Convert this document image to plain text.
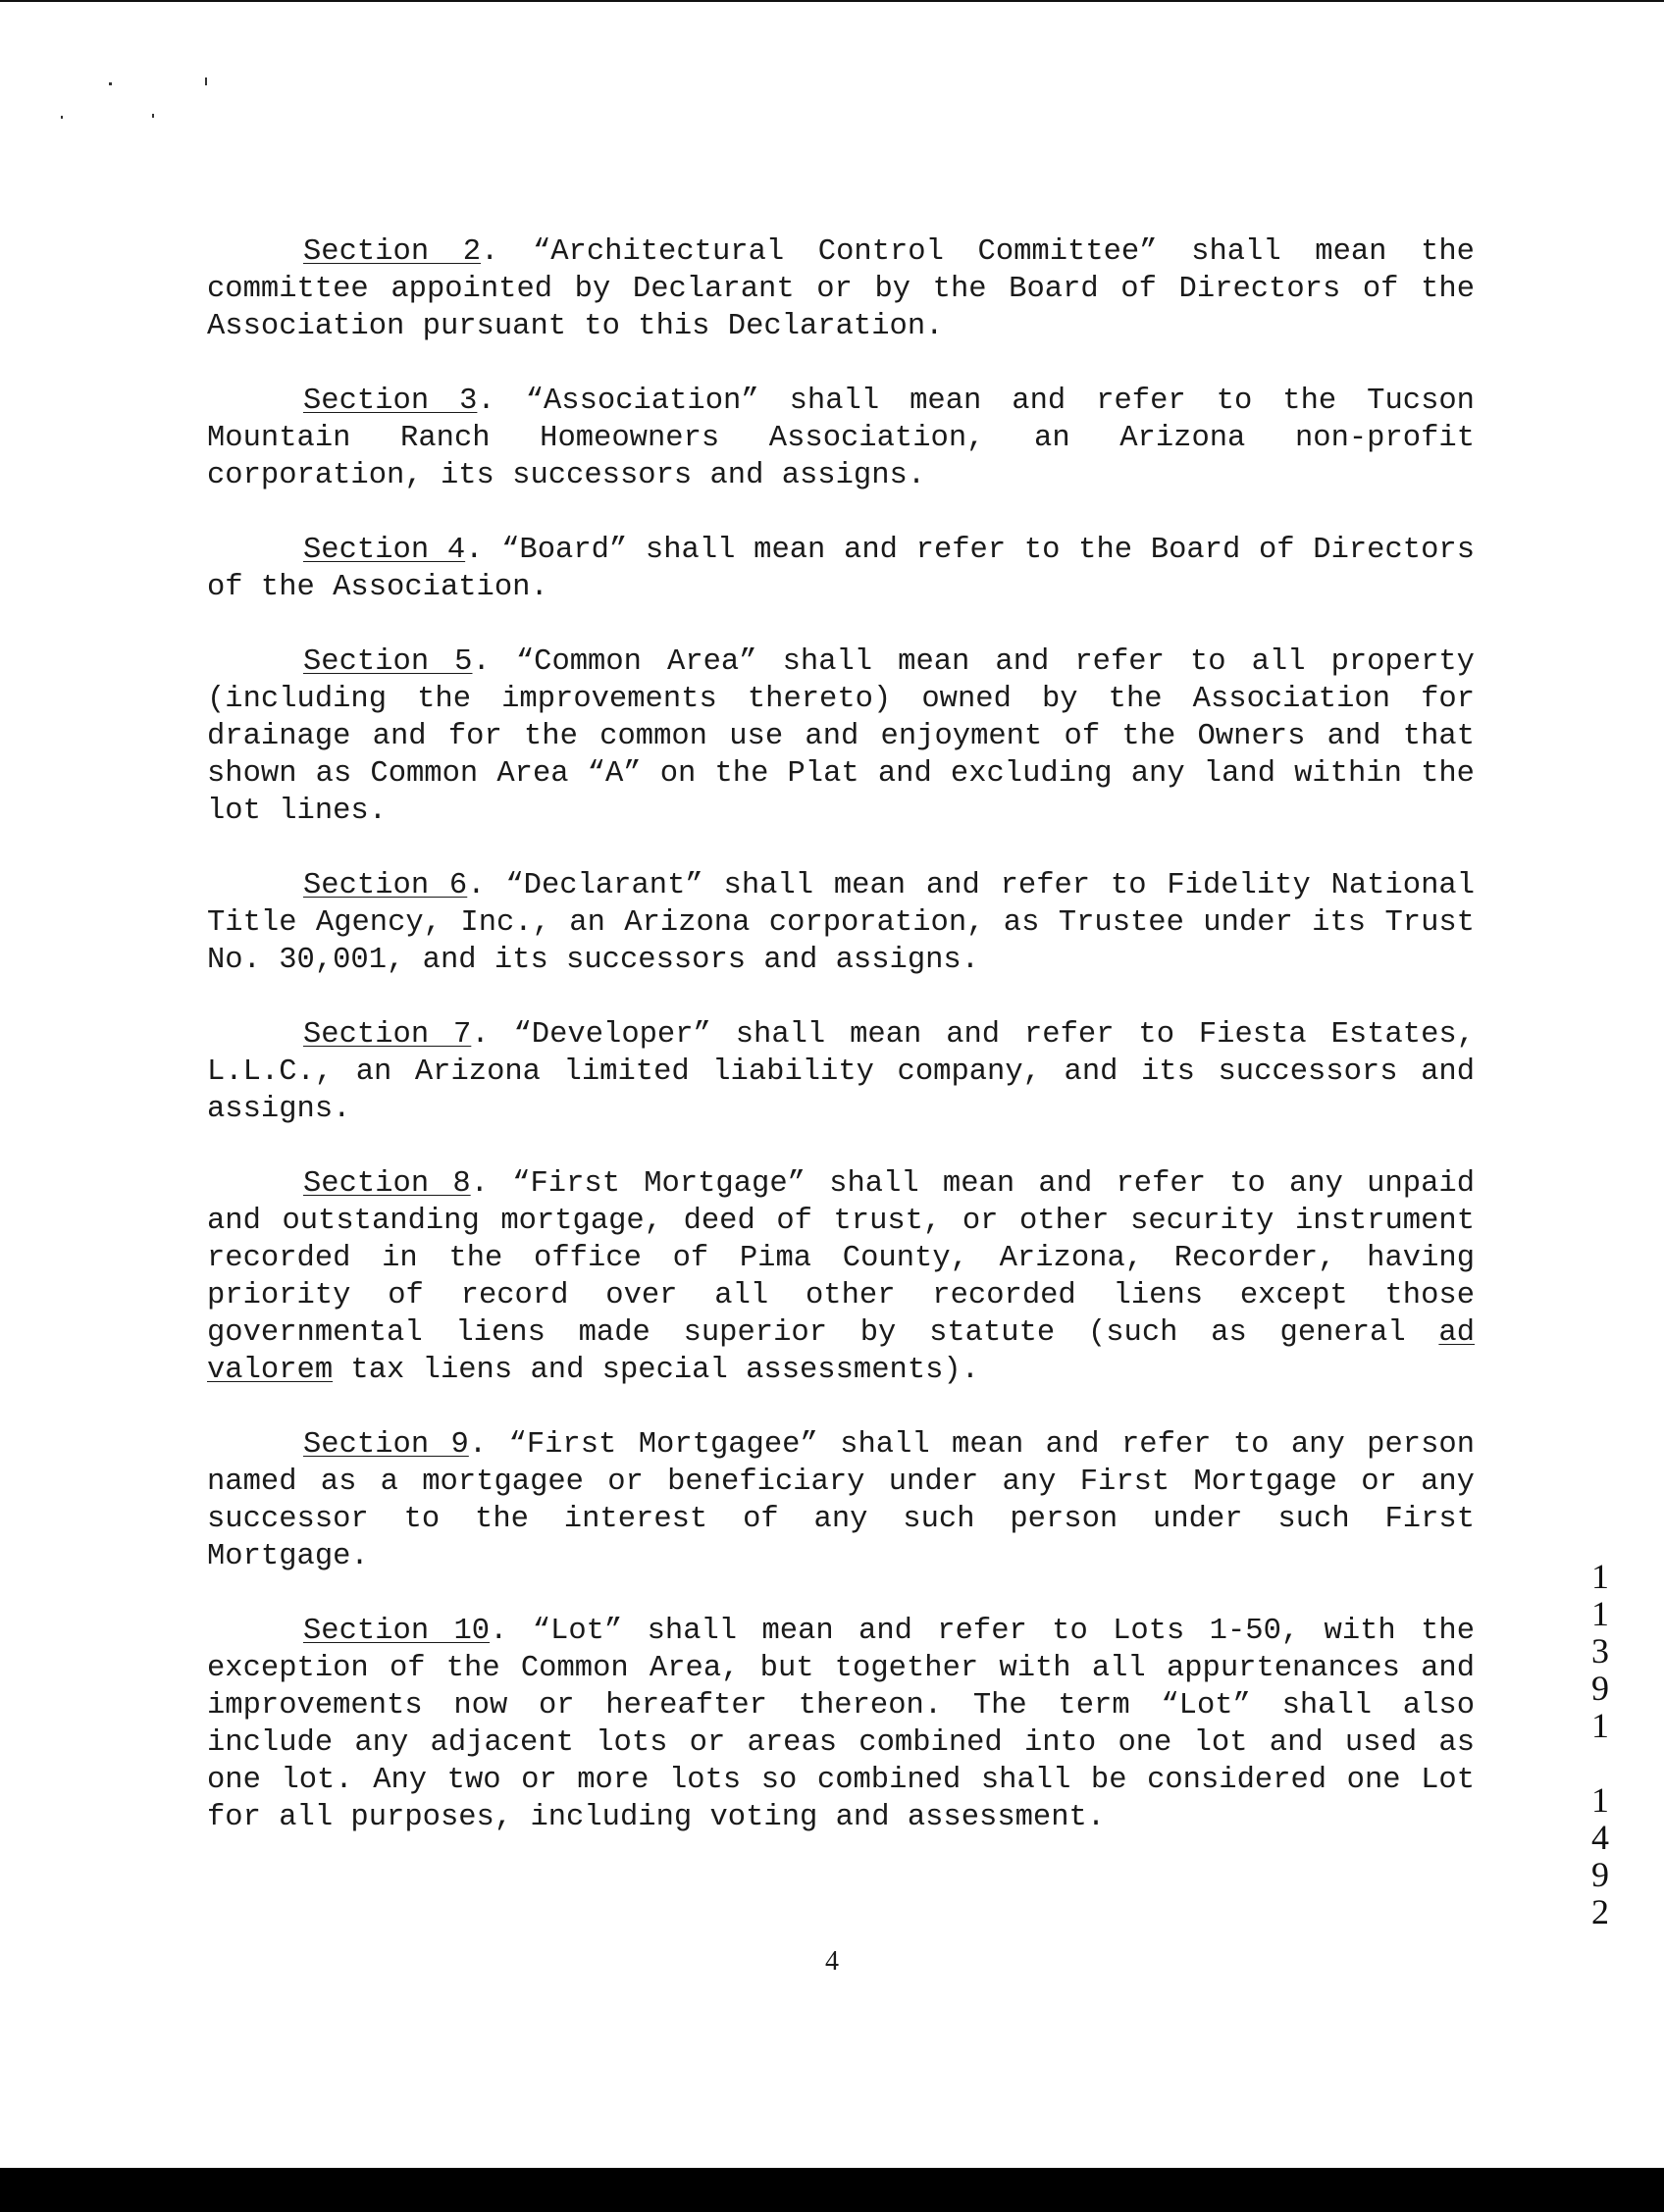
Section 2. “Architectural Control Committee” shall mean the committee appointed by Declarant or by the Board of Directors of the Association pursuant to this Declaration.

Section 3. “Association” shall mean and refer to the Tucson Mountain Ranch Homeowners Association, an Arizona non-profit corporation, its successors and assigns.

Section 4. “Board” shall mean and refer to the Board of Directors of the Association.

Section 5. “Common Area” shall mean and refer to all property (including the improvements thereto) owned by the Association for drainage and for the common use and enjoyment of the Owners and that shown as Common Area “A” on the Plat and excluding any land within the lot lines.

Section 6. “Declarant” shall mean and refer to Fidelity National Title Agency, Inc., an Arizona corporation, as Trustee under its Trust No. 30,001, and its successors and assigns.

Section 7. “Developer” shall mean and refer to Fiesta Estates, L.L.C., an Arizona limited liability company, and its successors and assigns.

Section 8. “First Mortgage” shall mean and refer to any unpaid and outstanding mortgage, deed of trust, or other security instrument recorded in the office of Pima County, Arizona, Recorder, having priority of record over all other recorded liens except those governmental liens made superior by statute (such as general ad valorem tax liens and special assessments).

Section 9. “First Mortgagee” shall mean and refer to any person named as a mortgagee or beneficiary under any First Mortgage or any successor to the interest of any such person under such First Mortgage.

Section 10. “Lot” shall mean and refer to Lots 1-50, with the exception of the Common Area, but together with all appurtenances and improvements now or hereafter thereon. The term “Lot” shall also include any adjacent lots or areas combined into one lot and used as one lot. Any two or more lots so combined shall be considered one Lot for all purposes, including voting and assessment.

1
1
3
9
1
1
4
9
2
4
